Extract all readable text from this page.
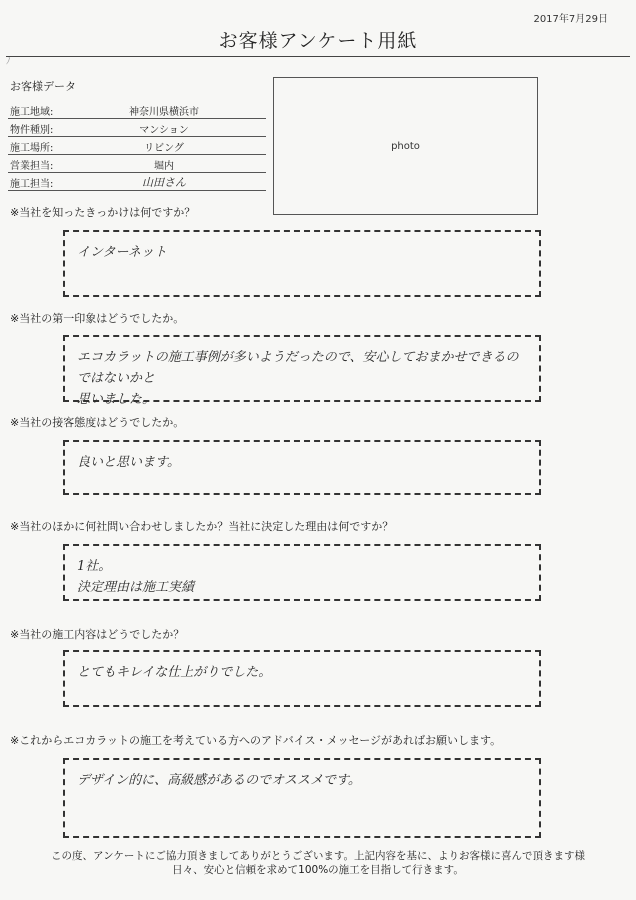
2017年7月29日
お客様アンケート用紙
ﾉ
お客様データ
施工地域:	神奈川県横浜市
物件種別:	マンション
施工場所:	リビング
営業担当:	堀内
施工担当:	山田さん
photo
※当社を知ったきっかけは何ですか？
インターネット
※当社の第一印象はどうでしたか。
エコカラットの施工事例が多いようだったので、安心しておまかせできるのではないかと
思いました。
※当社の接客態度はどうでしたか。
良いと思います。
※当社のほかに何社問い合わせしましたか？当社に決定した理由は何ですか？
1社。
決定理由は施工実績
※当社の施工内容はどうでしたか？
とてもキレイな仕上がりでした。
※これからエコカラットの施工を考えている方へのアドバイス・メッセージがあればお願いします。
デザイン的に、高級感があるのでオススメです。
この度、アンケートにご協力頂きましてありがとうございます。上記内容を基に、よりお客様に喜んで頂きます様
日々、安心と信頼を求めて100%の施工を目指して行きます。
